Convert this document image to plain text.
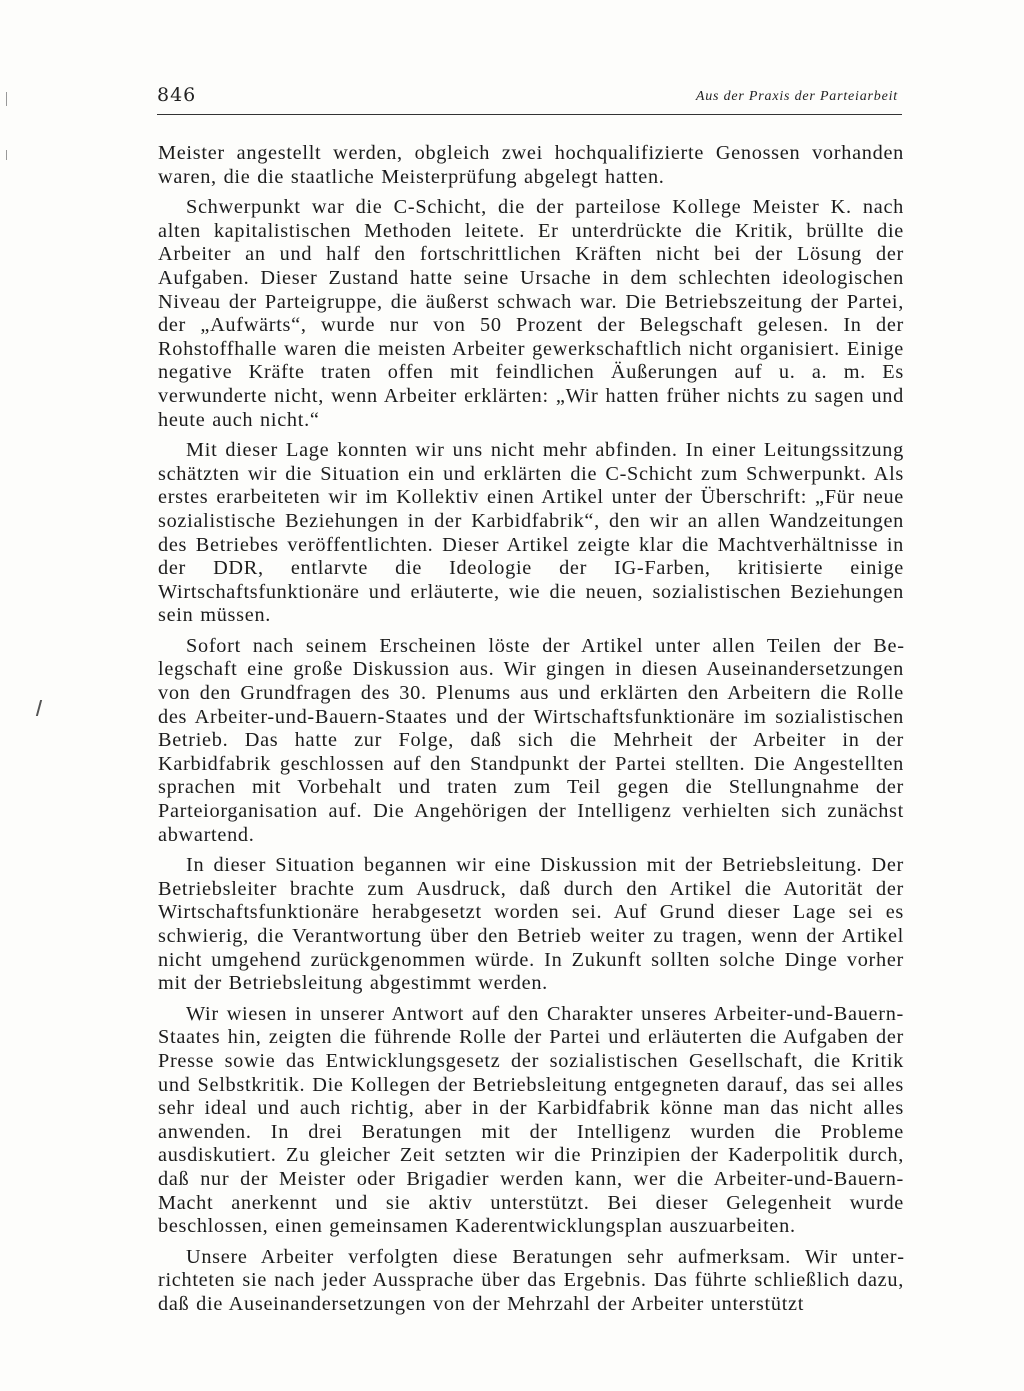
846	Aus der Praxis der Parteiarbeit

Meister angestellt werden, obgleich zwei hochqualifizierte Genossen vorhanden waren, die die staatliche Meisterprüfung abgelegt hatten.

Schwerpunkt war die C-Schicht, die der parteilose Kollege Meister K. nach alten kapitalistischen Methoden leitete. Er unterdrückte die Kritik, brüllte die Arbeiter an und half den fortschrittlichen Kräften nicht bei der Lösung der Aufgaben. Dieser Zustand hatte seine Ursache in dem schlechten ideologischen Niveau der Parteigruppe, die äußerst schwach war. Die Betriebszeitung der Partei, der „Aufwärts“, wurde nur von 50 Prozent der Belegschaft gelesen. In der Rohstoffhalle waren die meisten Arbeiter gewerkschaftlich nicht organisiert. Einige negative Kräfte traten offen mit feindlichen Äußerungen auf u. a. m. Es verwunderte nicht, wenn Arbeiter erklärten: „Wir hatten früher nichts zu sagen und heute auch nicht.“

Mit dieser Lage konnten wir uns nicht mehr abfinden. In einer Leitungssitzung schätzten wir die Situation ein und erklärten die C-Schicht zum Schwerpunkt. Als erstes erarbeiteten wir im Kollektiv einen Artikel unter der Überschrift: „Für neue sozialistische Beziehungen in der Karbidfabrik“, den wir an allen Wandzeitungen des Betriebes veröffentlichten. Dieser Artikel zeigte klar die Machtverhältnisse in der DDR, entlarvte die Ideologie der IG-Farben, kritisierte einige Wirtschaftsfunktionäre und erläuterte, wie die neuen, sozialistischen Beziehungen sein müssen.

Sofort nach seinem Erscheinen löste der Artikel unter allen Teilen der Belegschaft eine große Diskussion aus. Wir gingen in diesen Auseinandersetzungen von den Grundfragen des 30. Plenums aus und erklärten den Arbeitern die Rolle des Arbeiter-und-Bauern-Staates und der Wirtschaftsfunktionäre im sozialistischen Betrieb. Das hatte zur Folge, daß sich die Mehrheit der Arbeiter in der Karbidfabrik geschlossen auf den Standpunkt der Partei stellten. Die Angestellten sprachen mit Vorbehalt und traten zum Teil gegen die Stellungnahme der Parteiorganisation auf. Die Angehörigen der Intelligenz verhielten sich zunächst abwartend.

In dieser Situation begannen wir eine Diskussion mit der Betriebsleitung. Der Betriebsleiter brachte zum Ausdruck, daß durch den Artikel die Autorität der Wirtschaftsfunktionäre herabgesetzt worden sei. Auf Grund dieser Lage sei es schwierig, die Verantwortung über den Betrieb weiter zu tragen, wenn der Artikel nicht umgehend zurückgenommen würde. In Zukunft sollten solche Dinge vorher mit der Betriebsleitung abgestimmt werden.

Wir wiesen in unserer Antwort auf den Charakter unseres Arbeiter-und-Bauern-Staates hin, zeigten die führende Rolle der Partei und erläuterten die Aufgaben der Presse sowie das Entwicklungsgesetz der sozialistischen Gesellschaft, die Kritik und Selbstkritik. Die Kollegen der Betriebsleitung entgegneten darauf, das sei alles sehr ideal und auch richtig, aber in der Karbidfabrik könne man das nicht alles anwenden. In drei Beratungen mit der Intelligenz wurden die Probleme ausdiskutiert. Zu gleicher Zeit setzten wir die Prinzipien der Kaderpolitik durch, daß nur der Meister oder Brigadier werden kann, wer die Arbeiter-und-Bauern-Macht anerkennt und sie aktiv unterstützt. Bei dieser Gelegenheit wurde beschlossen, einen gemeinsamen Kaderentwicklungsplan auszuarbeiten.

Unsere Arbeiter verfolgten diese Beratungen sehr aufmerksam. Wir unterrichteten sie nach jeder Aussprache über das Ergebnis. Das führte schließlich dazu, daß die Auseinandersetzungen von der Mehrzahl der Arbeiter unterstützt
